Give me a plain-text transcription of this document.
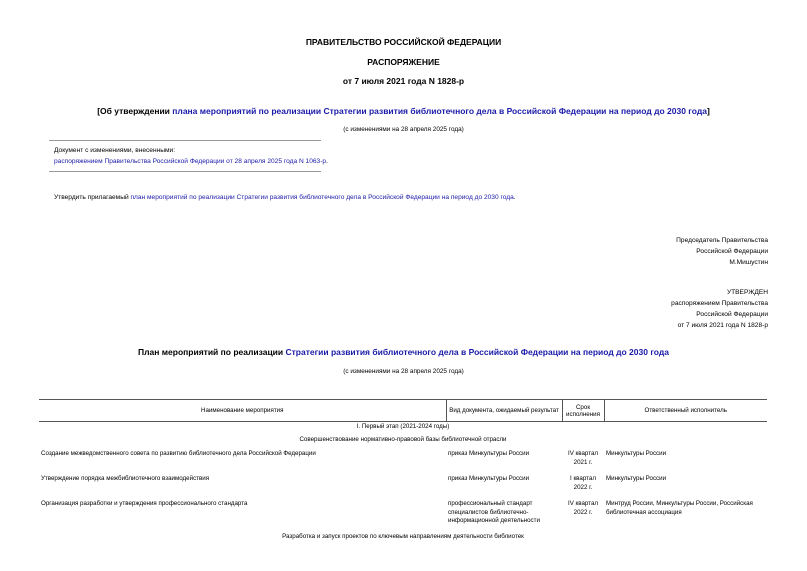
ПРАВИТЕЛЬСТВО РОССИЙСКОЙ ФЕДЕРАЦИИ
РАСПОРЯЖЕНИЕ
от 7 июля 2021 года N 1828-р
[Об утверждении плана мероприятий по реализации Стратегии развития библиотечного дела в Российской Федерации на период до 2030 года]
(с изменениями на 28 апреля 2025 года)
Документ с изменениями, внесенными:
распоряжением Правительства Российской Федерации от 28 апреля 2025 года N 1063-р.
Утвердить прилагаемый план мероприятий по реализации Стратегии развития библиотечного дела в Российской Федерации на период до 2030 года.
Председатель Правительства
Российской Федерации
М.Мишустин
УТВЕРЖДЕН
распоряжением Правительства
Российской Федерации
от 7 июля 2021 года N 1828-р
План мероприятий по реализации Стратегии развития библиотечного дела в Российской Федерации на период до 2030 года
(с изменениями на 28 апреля 2025 года)
Наименование мероприятия	Вид документа, ожидаемый результат	Срок исполнения	Ответственный исполнитель
I. Первый этап (2021-2024 годы)			
Совершенствование нормативно-правовой базы библиотечной отрасли			
Создание межведомственного совета по развитию библиотечного дела Российской Федерации	приказ Минкультуры России	IV квартал 2021 г.	Минкультуры России
Утверждение порядка межбиблиотечного взаимодействия	приказ Минкультуры России	I квартал 2022 г.	Минкультуры России
Организация разработки и утверждения профессионального стандарта	профессиональный стандарт специалистов библиотечно-информационной деятельности	IV квартал 2022 г.	Минтруд России, Минкультуры России, Российская библиотечная ассоциация
Разработка и запуск проектов по ключевым направлениям деятельности библиотек			
